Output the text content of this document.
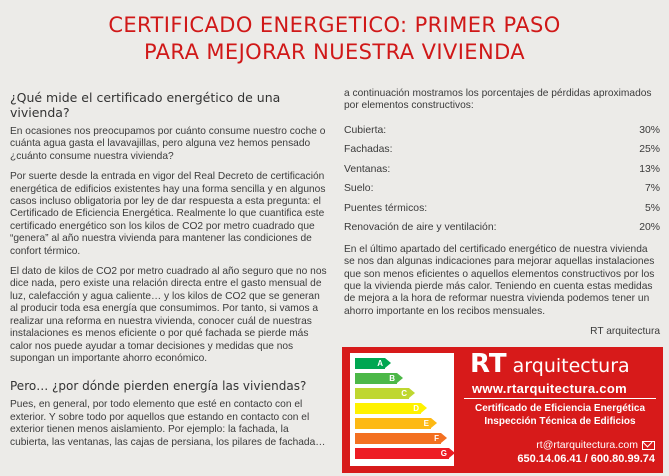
CERTIFICADO ENERGETICO: PRIMER PASO
PARA MEJORAR NUESTRA VIVIENDA
¿Qué mide el certificado energético de una vivienda?
En ocasiones nos preocupamos por cuánto consume nuestro coche o cuánta agua gasta el lavavajillas, pero alguna vez hemos pensado ¿cuánto consume nuestra vivienda?
Por suerte desde la entrada en vigor del Real Decreto de certificación energética de edificios existentes hay una forma sencilla y en algunos casos incluso obligatoria por ley de dar respuesta a esta pregunta: el Certificado de Eficiencia Energética. Realmente lo que cuantifica este certificado energético son los kilos de CO2 por metro cuadrado que “genera” al año nuestra vivienda para mantener las condiciones de confort térmico.
El dato de kilos de CO2 por metro cuadrado al año seguro que no nos dice nada, pero existe una relación directa entre el gasto mensual de luz, calefacción y agua caliente… y los kilos de CO2 que se generan al producir toda esa energía que consumimos. Por tanto, si vamos a realizar una reforma en nuestra vivienda, conocer cuál de nuestras instalaciones es menos eficiente o por qué fachada se pierde más calor nos puede ayudar a tomar decisiones y medidas que nos supongan un importante ahorro económico.
Pero… ¿por dónde pierden energía las viviendas?
Pues, en general, por todo elemento que esté en contacto con el exterior. Y sobre todo por aquellos que estando en contacto con el exterior tienen menos aislamiento. Por ejemplo: la fachada, la cubierta, las ventanas, las cajas de persiana, los pilares de fachada…
a continuación mostramos los porcentajes de pérdidas aproximados por elementos constructivos:
Cubierta:	30%
Fachadas:	25%
Ventanas:	13%
Suelo:	7%
Puentes térmicos:	5%
Renovación de aire y ventilación:	20%
En el último apartado del certificado energético de nuestra vivienda se nos dan algunas indicaciones para mejorar aquellas instalaciones que son menos eficientes o aquellos elementos constructivos por los que la vivienda pierde más calor. Teniendo en cuenta estas medidas de mejora a la hora de reformar nuestra vivienda podemos tener un ahorro importante en los recibos mensuales.
RT arquitectura
A
B
C
D
E
F
G
RT arquitectura
www.rtarquitectura.com
Certificado de Eficiencia Energética
Inspección Técnica de Edificios
rt@rtarquitectura.com
650.14.06.41 / 600.80.99.74
